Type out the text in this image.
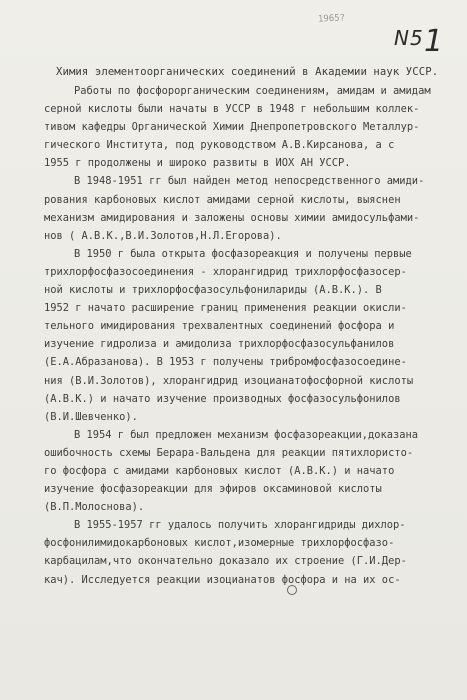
1965?
N5 1
Химия элементоорганических соединений в Академии наук УССР.
Работы по фосфорорганическим соединениям, амидам и амидам
серной кислоты были начаты в УССР в 1948 г небольшим коллек-
тивом кафедры Органической Химии Днепропетровского Металлур-
гического Института, под руководством А.В.Кирсанова, а с
1955 г продолжены и широко развиты в ИОХ АН УССР.
В 1948-1951 гг был найден метод непосредственного амиди-
рования карбоновых кислот амидами серной кислоты, выяснен
механизм амидирования и заложены основы химии амидосульфами-
нов ( А.В.К.,В.И.Золотов,Н.Л.Егорова).
В 1950 г была открыта фосфазореакция и получены первые
трихлорфосфазосоединения - хлорангидрид трихлорфосфазосер-
ной кислоты и трихлорфосфазосульфонилариды (А.В.К.). В
1952 г начато расширение границ применения реакции окисли-
тельного имидирования трехвалентных соединений фосфора и
изучение гидролиза и амидолиза трихлорфосфазосульфанилов
(Е.А.Абразанова). В 1953 г получены трибромфосфазосоедине-
ния (В.И.Золотов), хлорангидрид изоцианатофосфорной кислоты
(А.В.К.) и начато изучение производных фосфазосульфонилов
(В.И.Шевченко).
В 1954 г был предложен механизм фосфазореакции,доказана
ошибочность схемы Берара-Вальдена для реакции пятихлористо-
го фосфора с амидами карбоновых кислот (А.В.К.) и начато
изучение фосфазореакции для эфиров оксаминовой кислоты
(В.П.Молоснова).
В 1955-1957 гг удалось получить хлорангидриды дихлор-
фосфонилимидокарбоновых кислот,изомерные трихлорфосфазо-
карбацилам,что окончательно доказало их строение (Г.И.Дер-
кач). Исследуется реакции изоцианатов фосфора и на их ос-
